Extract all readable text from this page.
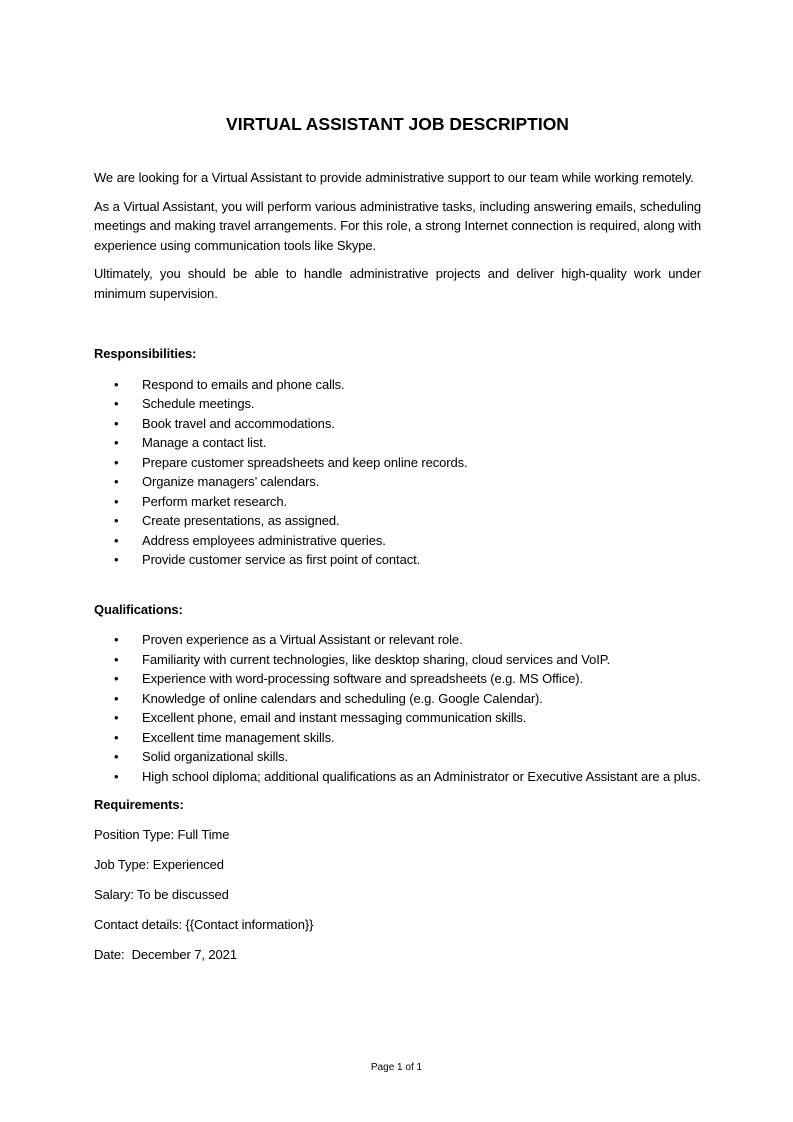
VIRTUAL ASSISTANT JOB DESCRIPTION

We are looking for a Virtual Assistant to provide administrative support to our team while working remotely.

As a Virtual Assistant, you will perform various administrative tasks, including answering emails, scheduling meetings and making travel arrangements. For this role, a strong Internet connection is required, along with experience using communication tools like Skype.

Ultimately, you should be able to handle administrative projects and deliver high-quality work under minimum supervision.

Responsibilities:

• Respond to emails and phone calls.
• Schedule meetings.
• Book travel and accommodations.
• Manage a contact list.
• Prepare customer spreadsheets and keep online records.
• Organize managers’ calendars.
• Perform market research.
• Create presentations, as assigned.
• Address employees administrative queries.
• Provide customer service as first point of contact.

Qualifications:

• Proven experience as a Virtual Assistant or relevant role.
• Familiarity with current technologies, like desktop sharing, cloud services and VoIP.
• Experience with word-processing software and spreadsheets (e.g. MS Office).
• Knowledge of online calendars and scheduling (e.g. Google Calendar).
• Excellent phone, email and instant messaging communication skills.
• Excellent time management skills.
• Solid organizational skills.
• High school diploma; additional qualifications as an Administrator or Executive Assistant are a plus.

Requirements:

Position Type: Full Time

Job Type: Experienced

Salary: To be discussed

Contact details: {{Contact information}}

Date:  December 7, 2021

Page 1 of 1
